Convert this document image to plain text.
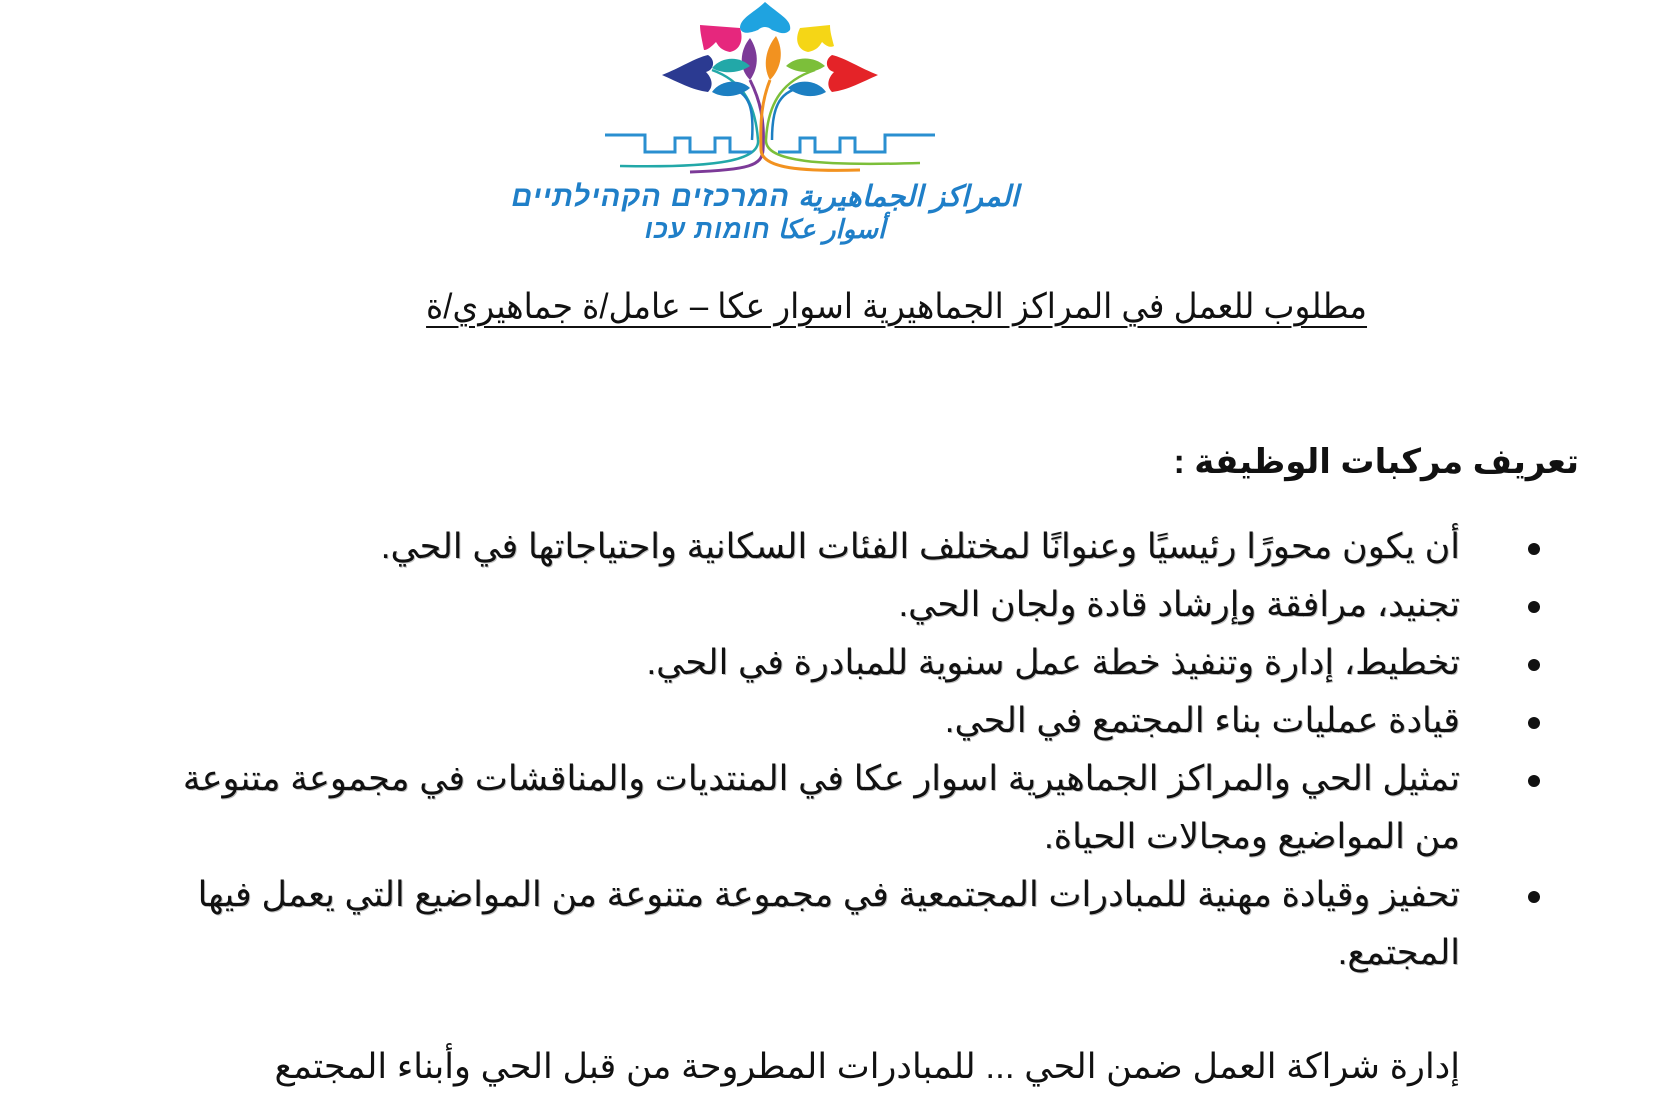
المراكز الجماهيرية המרכזים הקהילתיים
أسوار عكا חומות עכו
مطلوب للعمل في المراكز الجماهيرية اسوار عكا – عامل/ة جماهيري/ة
تعريف مركبات الوظيفة :
أن يكون محورًا رئيسيًا وعنوانًا لمختلف الفئات السكانية واحتياجاتها في الحي.
تجنيد، مرافقة وإرشاد قادة ولجان الحي.
تخطيط، إدارة وتنفيذ خطة عمل سنوية للمبادرة في الحي.
قيادة عمليات بناء المجتمع في الحي.
تمثيل الحي والمراكز الجماهيرية اسوار عكا في المنتديات والمناقشات في مجموعة متنوعة من المواضيع ومجالات الحياة.
تحفيز وقيادة مهنية للمبادرات المجتمعية في مجموعة متنوعة من المواضيع التي يعمل فيها المجتمع.
إدارة شراكة العمل ضمن الحي ... للمبادرات المطروحة من قبل الحي وأبناء المجتمع
